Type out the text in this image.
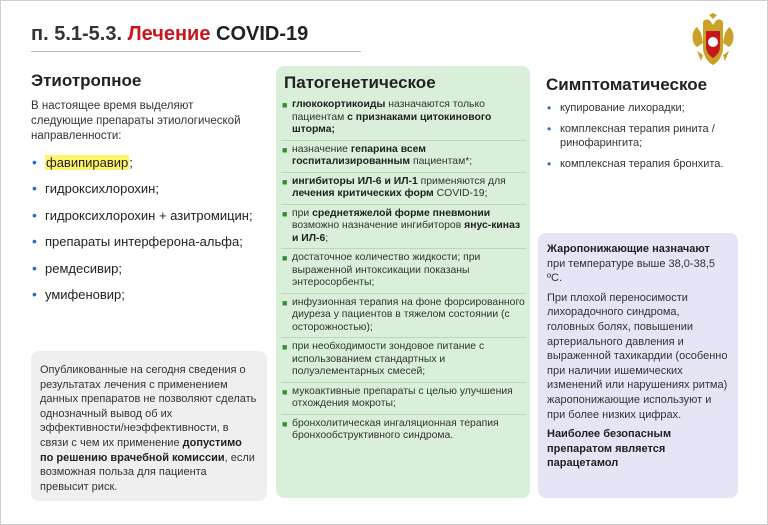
п. 5.1-5.3. Лечение COVID-19
Этиотропное
В настоящее время выделяют следующие препараты этиологической направленности:
• фавипиравир;
• гидроксихлорохин;
• гидроксихлорохин + азитромицин;
• препараты интерферона-альфа;
• ремдесивир;
• умифеновир;
Опубликованные на сегодня сведения о результатах лечения с применением данных препаратов не позволяют сделать однозначный вывод об их эффективности/неэффективности, в связи с чем их применение допустимо по решению врачебной комиссии, если возможная польза для пациента превысит риск.
Патогенетическое
■ глюкокортикоиды назначаются только пациентам с признаками цитокинового шторма;
■ назначение гепарина всем госпитализированным пациентам*;
■ ингибиторы ИЛ-6 и ИЛ-1 применяются для лечения критических форм COVID-19;
■ при среднетяжелой форме пневмонии возможно назначение ингибиторов янус-киназ и ИЛ-6;
■ достаточное количество жидкости; при выраженной интоксикации показаны энтеросорбенты;
■ инфузионная терапия на фоне форсированного диуреза у пациентов в тяжелом состоянии (с осторожностью);
■ при необходимости зондовое питание с использованием стандартных и полуэлементарных смесей;
■ мукоактивные препараты с целью улучшения отхождения мокроты;
■ бронхолитическая ингаляционная терапия бронхообструктивного синдрома.
Симптоматическое
• купирование лихорадки;
• комплексная терапия ринита / ринофарингита;
• комплексная терапия бронхита.

Жаропонижающие назначают при температуре выше 38,0-38,5 ºС.

При плохой переносимости лихорадочного синдрома, головных болях, повышении артериального давления и выраженной тахикардии (особенно при наличии ишемических изменений или нарушениях ритма) жаропонижающие используют и при более низких цифрах.

Наиболее безопасным препаратом является парацетамол
